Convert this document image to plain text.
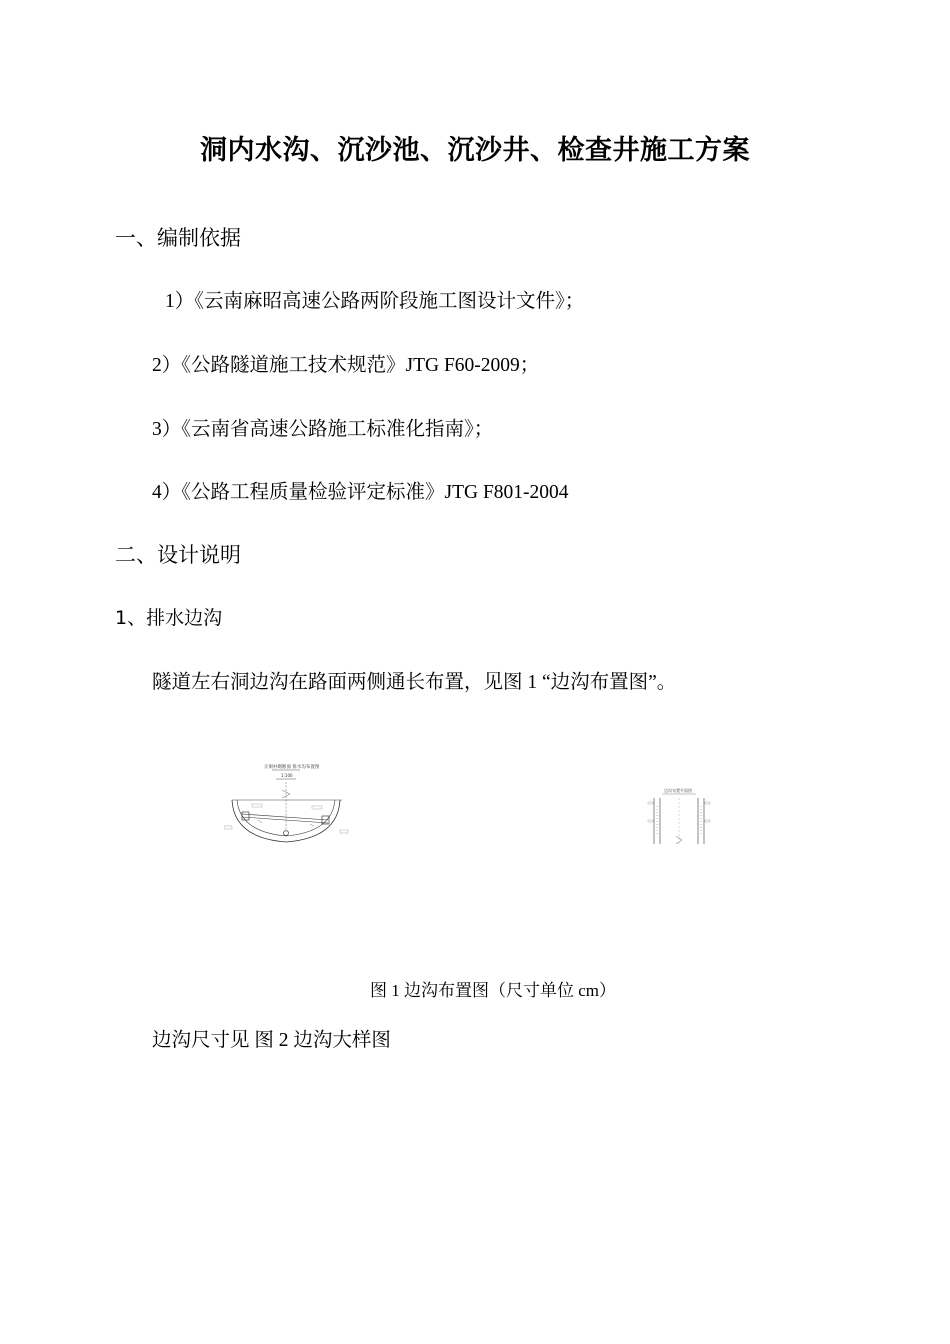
洞内水沟、沉沙池、沉沙井、检查井施工方案
一、编制依据
1）《云南麻昭高速公路两阶段施工图设计文件》；
2）《公路隧道施工技术规范》JTG F60-2009；
3）《云南省高速公路施工标准化指南》；
4）《公路工程质量检验评定标准》JTG F801-2004
二、设计说明
1、排水边沟
隧道左右洞边沟在路面两侧通长布置，见图 1 “边沟布置图”。
正洞衬砌断面 排水沟布置图
1:100
边沟布置平面图
图 1 边沟布置图（尺寸单位 cm）
边沟尺寸见 图 2 边沟大样图
